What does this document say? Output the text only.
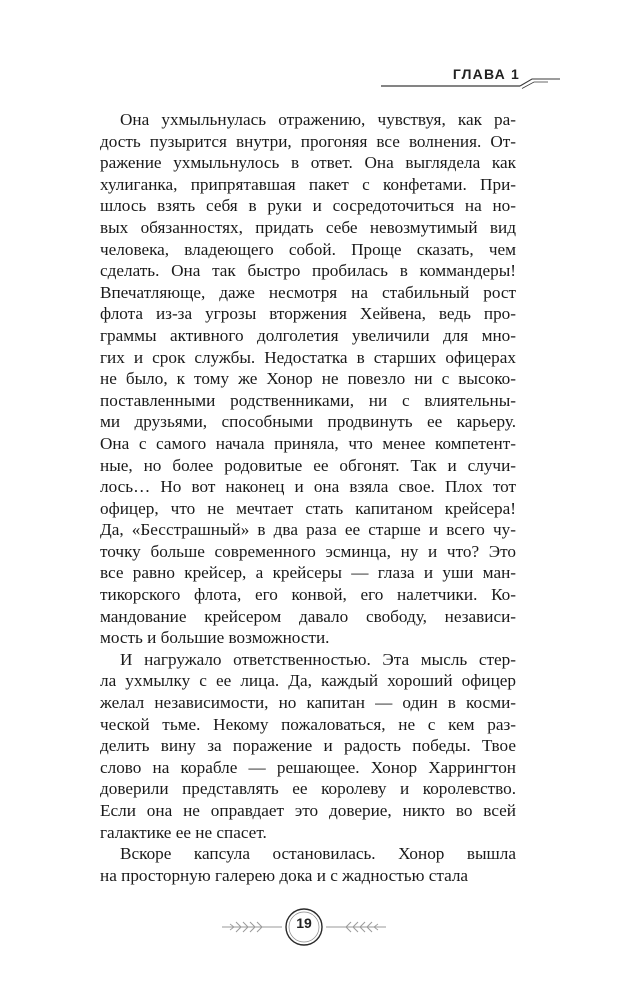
ГЛАВА 1

Она ухмыльнулась отражению, чувствуя, как ра-
дость пузырится внутри, прогоняя все волнения. От-
ражение ухмыльнулось в ответ. Она выглядела как
хулиганка, припрятавшая пакет с конфетами. При-
шлось взять себя в руки и сосредоточиться на но-
вых обязанностях, придать себе невозмутимый вид
человека, владеющего собой. Проще сказать, чем
сделать. Она так быстро пробилась в коммандеры!
Впечатляюще, даже несмотря на стабильный рост
флота из-за угрозы вторжения Хейвена, ведь про-
граммы активного долголетия увеличили для мно-
гих и срок службы. Недостатка в старших офицерах
не было, к тому же Хонор не повезло ни с высоко-
поставленными родственниками, ни с влиятельны-
ми друзьями, способными продвинуть ее карьеру.
Она с самого начала приняла, что менее компетент-
ные, но более родовитые ее обгонят. Так и случи-
лось… Но вот наконец и она взяла свое. Плох тот
офицер, что не мечтает стать капитаном крейсера!
Да, «Бесстрашный» в два раза ее старше и всего чу-
точку больше современного эсминца, ну и что? Это
все равно крейсер, а крейсеры — глаза и уши ман-
тикорского флота, его конвой, его налетчики. Ко-
мандование крейсером давало свободу, независи-
мость и большие возможности.

И нагружало ответственностью. Эта мысль стер-
ла ухмылку с ее лица. Да, каждый хороший офицер
желал независимости, но капитан — один в косми-
ческой тьме. Некому пожаловаться, не с кем раз-
делить вину за поражение и радость победы. Твое
слово на корабле — решающее. Хонор Харрингтон
доверили представлять ее королеву и королевство.
Если она не оправдает это доверие, никто во всей
галактике ее не спасет.

Вскоре капсула остановилась. Хонор вышла
на просторную галерею дока и с жадностью стала

19
